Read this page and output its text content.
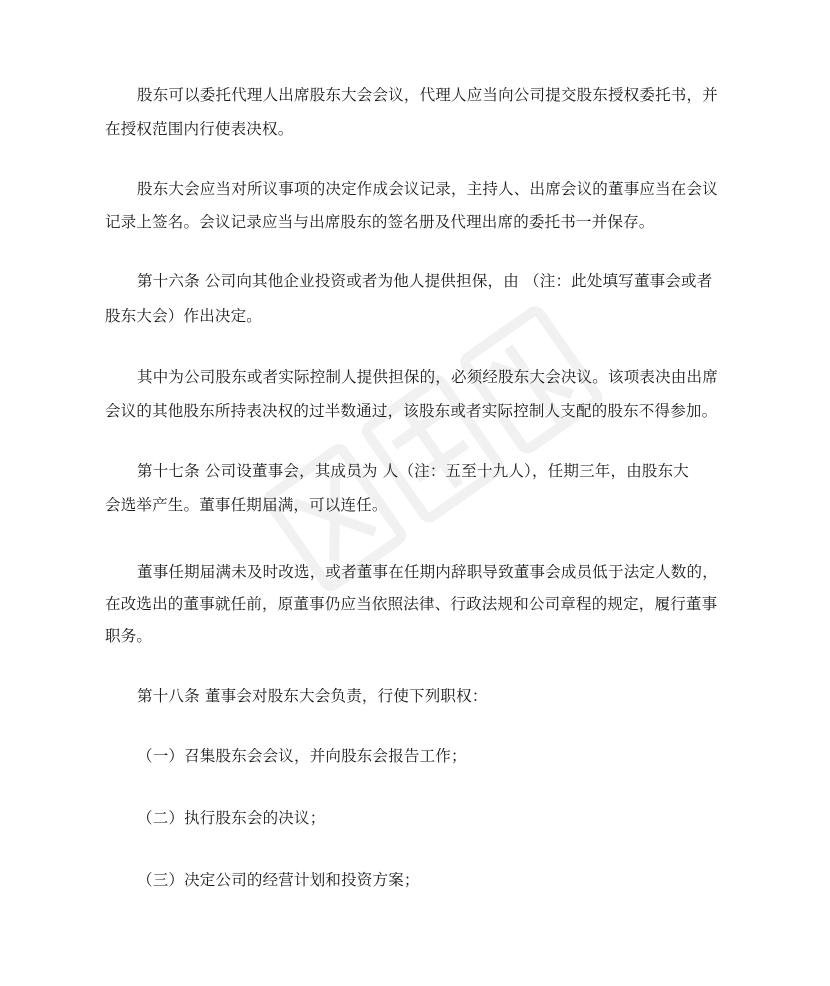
股东可以委托代理人出席股东大会会议，代理人应当向公司提交股东授权委托书，并
在授权范围内行使表决权。
股东大会应当对所议事项的决定作成会议记录，主持人、出席会议的董事应当在会议
记录上签名。会议记录应当与出席股东的签名册及代理出席的委托书一并保存。
第十六条 公司向其他企业投资或者为他人提供担保，由 （注：此处填写董事会或者
股东大会）作出决定。
其中为公司股东或者实际控制人提供担保的，必须经股东大会决议。该项表决由出席
会议的其他股东所持表决权的过半数通过，该股东或者实际控制人支配的股东不得参加。
第十七条 公司设董事会，其成员为 人（注：五至十九人），任期三年，由股东大
会选举产生。董事任期届满，可以连任。
董事任期届满未及时改选，或者董事在任期内辞职导致董事会成员低于法定人数的，
在改选出的董事就任前，原董事仍应当依照法律、行政法规和公司章程的规定，履行董事
职务。
第十八条 董事会对股东大会负责，行使下列职权：
（一）召集股东会会议，并向股东会报告工作；
（二）执行股东会的决议；
（三）决定公司的经营计划和投资方案；
